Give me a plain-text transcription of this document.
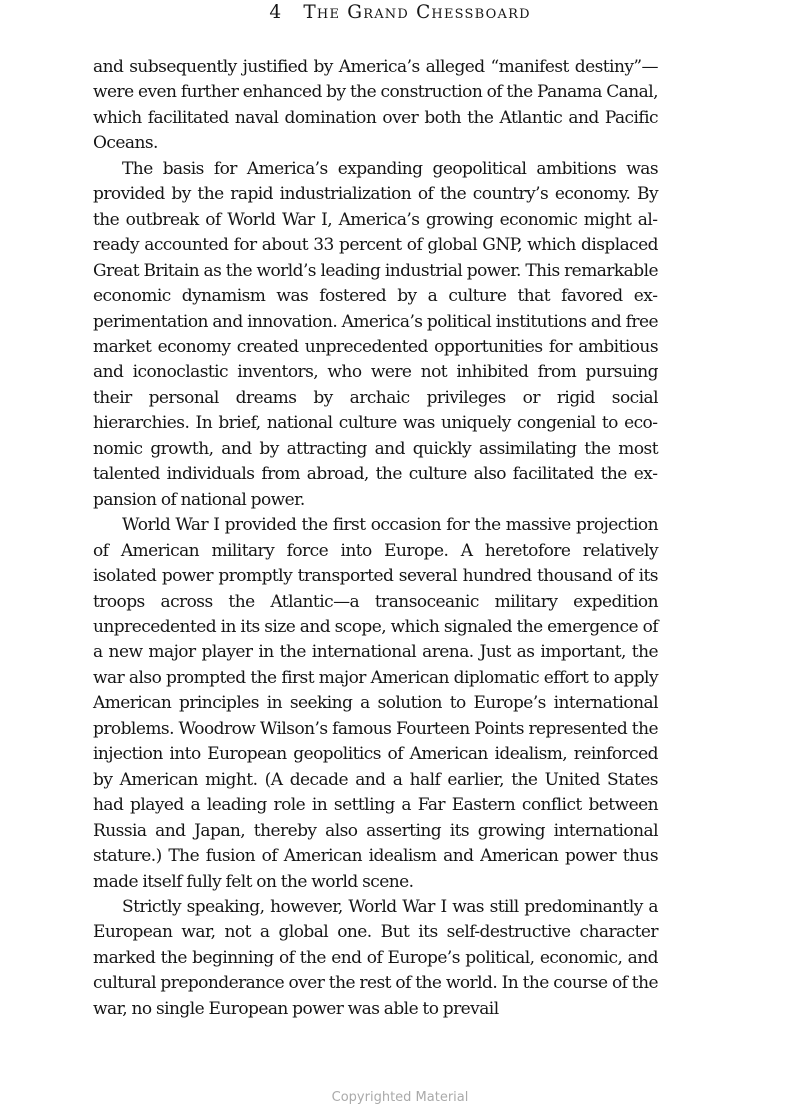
4 The Grand Chessboard

and subsequently justified by America’s alleged “manifest destiny”—were even further enhanced by the construction of the Panama Canal, which facilitated naval domination over both the Atlantic and Pacific Oceans.

The basis for America’s expanding geopolitical ambitions was provided by the rapid industrialization of the country’s economy. By the outbreak of World War I, America’s growing economic might already accounted for about 33 percent of global GNP, which displaced Great Britain as the world’s leading industrial power. This remarkable economic dynamism was fostered by a culture that favored experimentation and innovation. America’s political institutions and free market economy created unprecedented opportunities for ambitious and iconoclastic inventors, who were not inhibited from pursuing their personal dreams by archaic privileges or rigid social hierarchies. In brief, national culture was uniquely congenial to economic growth, and by attracting and quickly assimilating the most talented individuals from abroad, the culture also facilitated the expansion of national power.

World War I provided the first occasion for the massive projection of American military force into Europe. A heretofore relatively isolated power promptly transported several hundred thousand of its troops across the Atlantic—a transoceanic military expedition unprecedented in its size and scope, which signaled the emergence of a new major player in the international arena. Just as important, the war also prompted the first major American diplomatic effort to apply American principles in seeking a solution to Europe’s international problems. Woodrow Wilson’s famous Fourteen Points represented the injection into European geopolitics of American idealism, reinforced by American might. (A decade and a half earlier, the United States had played a leading role in settling a Far Eastern conflict between Russia and Japan, thereby also asserting its growing international stature.) The fusion of American idealism and American power thus made itself fully felt on the world scene.

Strictly speaking, however, World War I was still predominantly a European war, not a global one. But its self-destructive character marked the beginning of the end of Europe’s political, economic, and cultural preponderance over the rest of the world. In the course of the war, no single European power was able to prevail

Copyrighted Material
